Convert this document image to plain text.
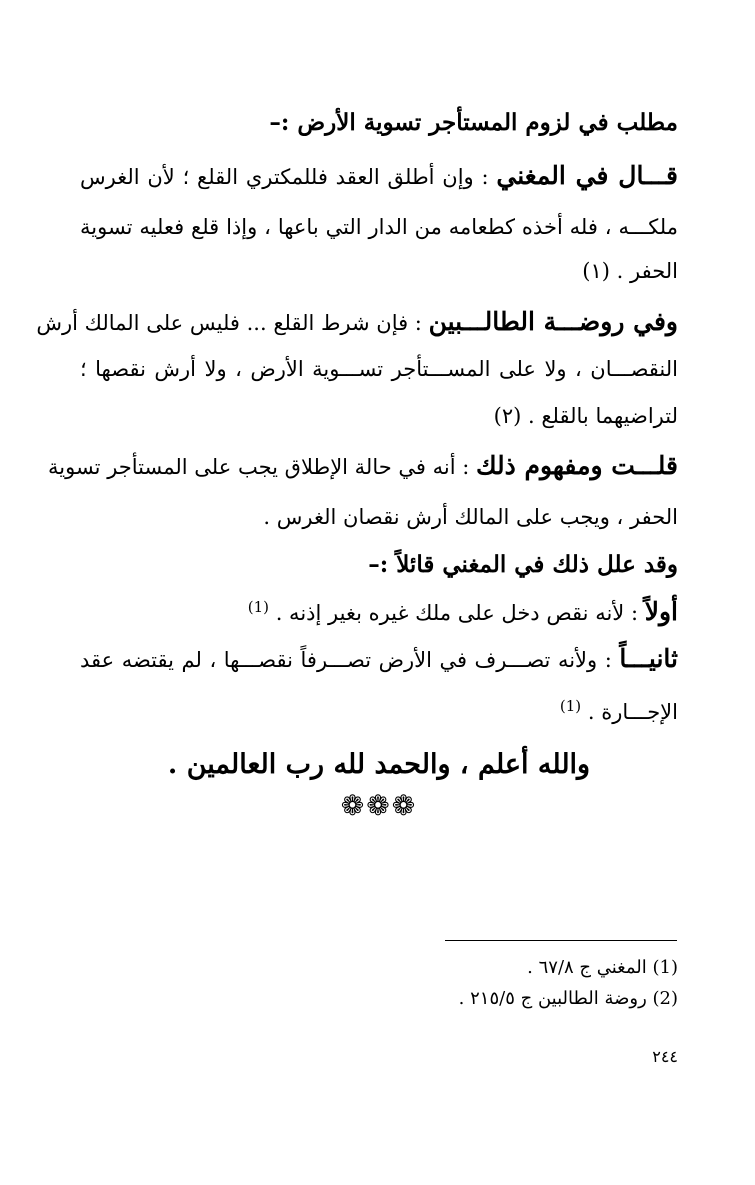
مطلب في لزوم المستأجر تسوية الأرض :–
قـــال في المغني : وإن أطلق العقد فللمكتري القلع ؛ لأن الغرس
ملكـــه ، فله أخذه كطعامه من الدار التي باعها ، وإذا قلع فعليه تسوية
الحفر . (١)
وفي روضـــة الطالـــبين : فإن شرط القلع ... فليس على المالك أرش
النقصـــان ، ولا على المســـتأجر تســـوية الأرض ، ولا أرش نقصها ؛
لتراضيهما بالقلع . (٢)
قلـــت ومفهوم ذلك : أنه في حالة الإطلاق يجب على المستأجر تسوية
الحفر ، ويجب على المالك أرش نقصان الغرس .
وقد علل ذلك في المغني قائلاً :–
أولاً : لأنه نقص دخل على ملك غيره بغير إذنه . $^{(1)}$
ثانيـــاً : ولأنه تصـــرف في الأرض تصـــرفاً نقصـــها ، لم يقتضه عقد
الإجـــارة . $^{(1)}$
والله أعلم ، والحمد لله رب العالمين .
❁❁❁
(1) المغني ج ٦٧/٨ .
(2) روضة الطالبين ج ٢١٥/٥ .
٢٤٤
